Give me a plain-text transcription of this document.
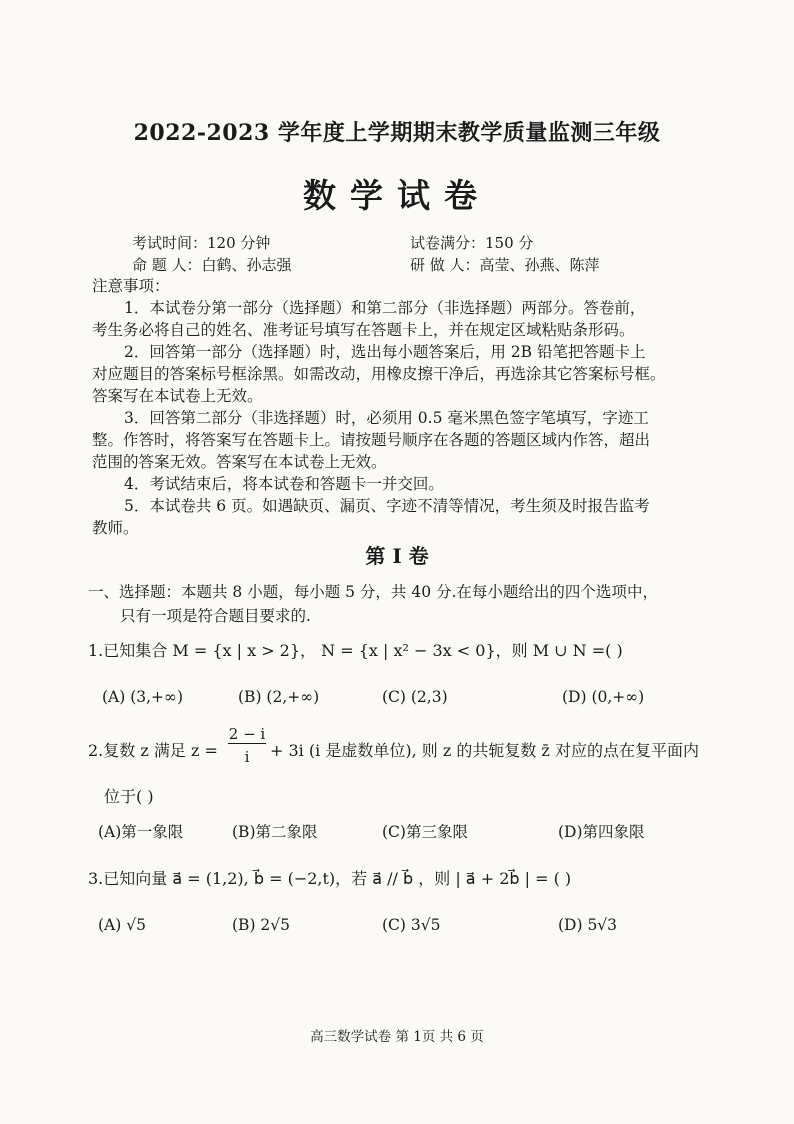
2022-2023 学年度上学期期末教学质量监测三年级
数学试卷
考试时间：120 分钟	试卷满分：150 分
命 题 人：白鹤、孙志强	研 做 人：高莹、孙燕、陈萍
注意事项：
1．本试卷分第一部分（选择题）和第二部分（非选择题）两部分。答卷前，
考生务必将自己的姓名、准考证号填写在答题卡上，并在规定区域粘贴条形码。
2．回答第一部分（选择题）时，选出每小题答案后，用 2B 铅笔把答题卡上
对应题目的答案标号框涂黑。如需改动，用橡皮擦干净后，再选涂其它答案标号框。
答案写在本试卷上无效。
3．回答第二部分（非选择题）时，必须用 0.5 毫米黑色签字笔填写，字迹工
整。作答时，将答案写在答题卡上。请按题号顺序在各题的答题区域内作答，超出
范围的答案无效。答案写在本试卷上无效。
4．考试结束后，将本试卷和答题卡一并交回。
5．本试卷共 6 页。如遇缺页、漏页、字迹不清等情况，考生须及时报告监考
教师。
第 I 卷
一、选择题：本题共 8 小题，每小题 5 分，共 40 分.在每小题给出的四个选项中，
只有一项是符合题目要求的.
1.已知集合 M = {x | x > 2}， N = {x | x² − 3x < 0}，则 M ∪ N =( )
(A) (3,+∞)	(B) (2,+∞)	(C) (2,3)	(D) (0,+∞)
2.复数 z 满足 z =
2 − i
i	+ 3i (i 是虚数单位), 则 z 的共轭复数 z̄ 对应的点在复平面内
位于( )
(A)第一象限	(B)第二象限	(C)第三象限	(D)第四象限
3.已知向量 a⃗ = (1,2), b⃗ = (−2,t)，若 a⃗ // b⃗ ，则 | a⃗ + 2b⃗ | = ( )
(A) √5	(B) 2√5	(C) 3√5	(D) 5√3
高三数学试卷 第 1页 共 6 页
